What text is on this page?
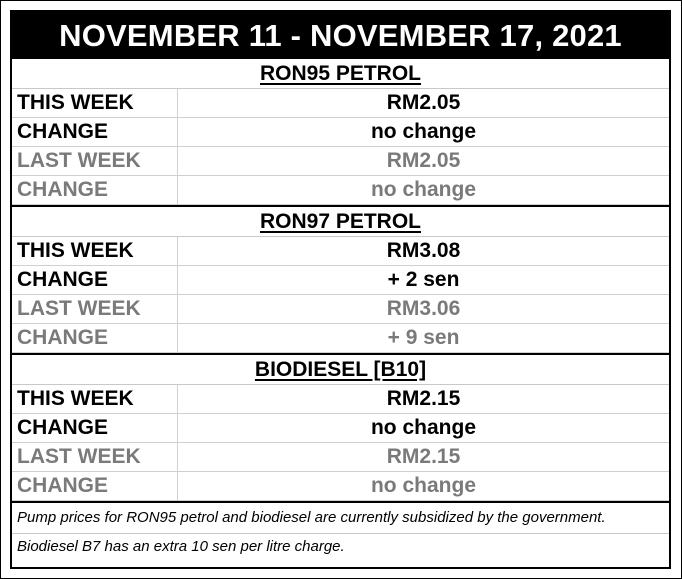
NOVEMBER 11 - NOVEMBER 17, 2021
RON95 PETROL
THIS WEEK	RM2.05
CHANGE	no change
LAST WEEK	RM2.05
CHANGE	no change
RON97 PETROL
THIS WEEK	RM3.08
CHANGE	+ 2 sen
LAST WEEK	RM3.06
CHANGE	+ 9 sen
BIODIESEL [B10]
THIS WEEK	RM2.15
CHANGE	no change
LAST WEEK	RM2.15
CHANGE	no change
Pump prices for RON95 petrol and biodiesel are currently subsidized by the government.
Biodiesel B7 has an extra 10 sen per litre charge.
